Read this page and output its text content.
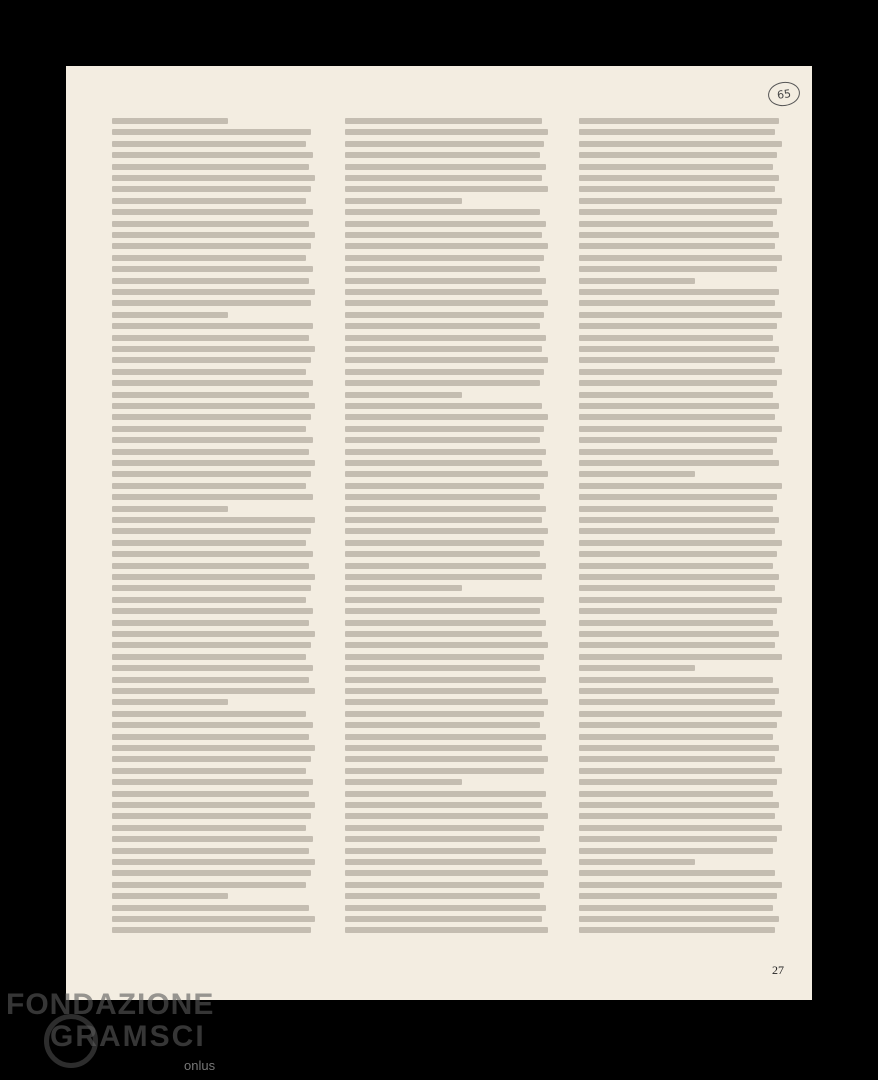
65
27
FONDAZIONE
GRAMSCI
onlus
